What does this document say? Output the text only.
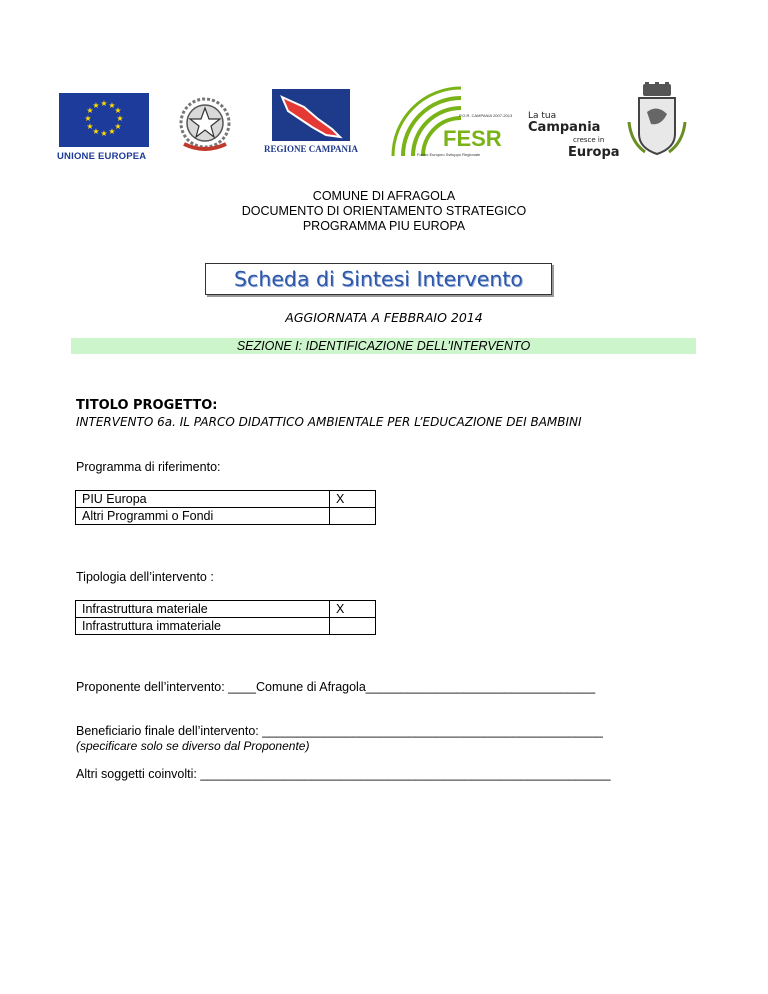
★ ★
★
★
★
★
★
★
★
★
★
★
UNIONE EUROPEA
REGIONE CAMPANIA	FESR
P.O.R. CAMPANIA 2007-2013
Fondo Europeo Sviluppo Regionale
La tua
Campania
cresce in
Europa
COMUNE DI AFRAGOLA
DOCUMENTO DI ORIENTAMENTO STRATEGICO
PROGRAMMA PIU EUROPA
Scheda di Sintesi Intervento
AGGIORNATA A FEBBRAIO 2014
SEZIONE I: IDENTIFICAZIONE DELL’INTERVENTO
TITOLO PROGETTO:
INTERVENTO 6a. IL PARCO DIDATTICO AMBIENTALE PER L’EDUCAZIONE DEI BAMBINI
Programma di riferimento:
PIU Europa	X
Altri Programmi o Fondi	
Tipologia dell’intervento :
Infrastruttura materiale	X
Infrastruttura immateriale	
Proponente dell’intervento: ____Comune di Afragola_________________________________
Beneficiario finale dell’intervento: _________________________________________________
(specificare solo se diverso dal Proponente)
Altri soggetti coinvolti: ___________________________________________________________
